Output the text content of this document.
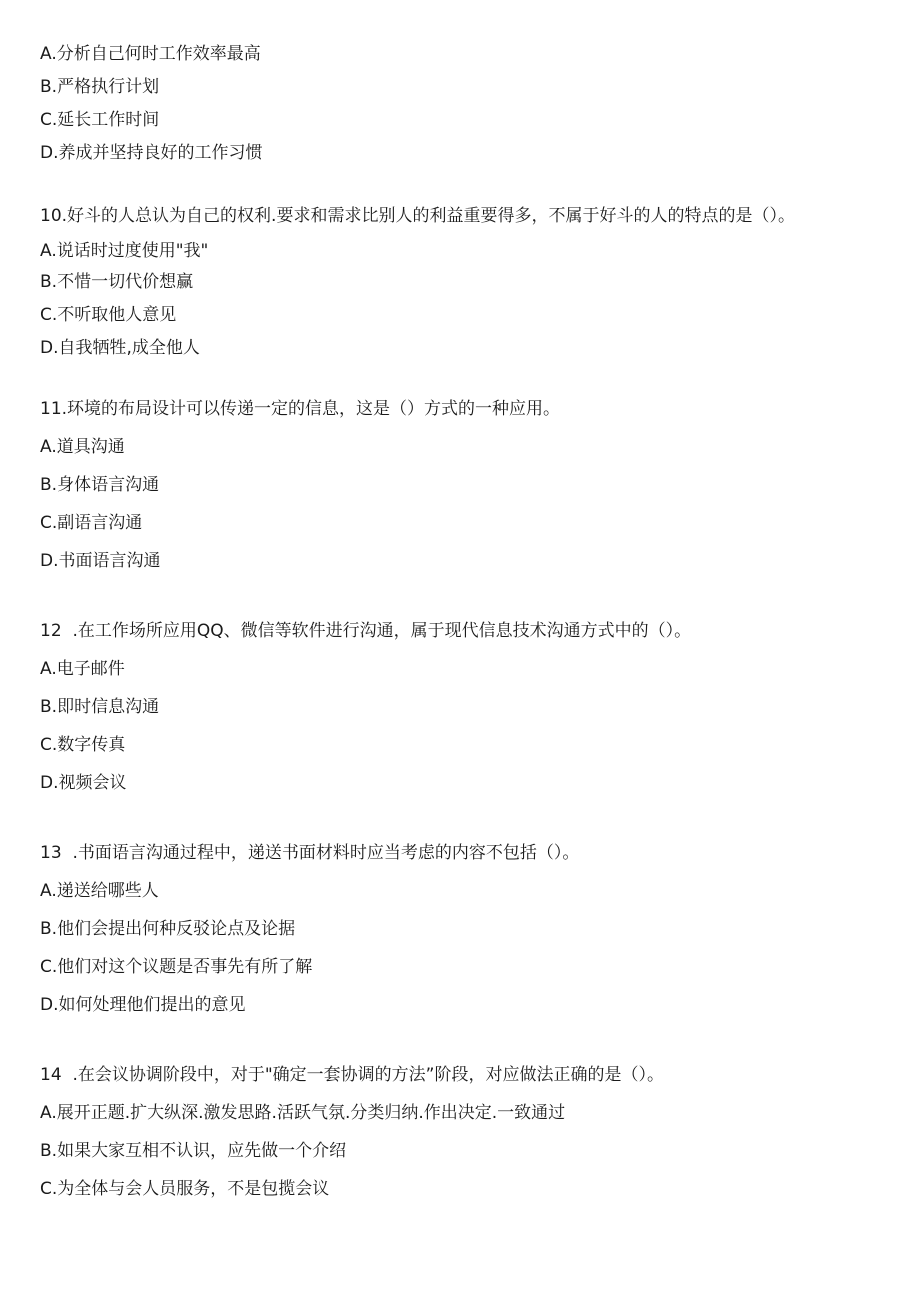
A.分析自己何时工作效率最高
B.严格执行计划
C.延长工作时间
D.养成并坚持良好的工作习惯
10.好斗的人总认为自己的权利.要求和需求比别人的利益重要得多，不属于好斗的人的特点的是（）。
A.说话时过度使用"我"
B.不惜一切代价想赢
C.不听取他人意见
D.自我牺牲,成全他人
11.环境的布局设计可以传递一定的信息，这是（）方式的一种应用。
A.道具沟通
B.身体语言沟通
C.副语言沟通
D.书面语言沟通
12  .在工作场所应用QQ、微信等软件进行沟通，属于现代信息技术沟通方式中的（）。
A.电子邮件
B.即时信息沟通
C.数字传真
D.视频会议
13  .书面语言沟通过程中，递送书面材料时应当考虑的内容不包括（）。
A.递送给哪些人
B.他们会提出何种反驳论点及论据
C.他们对这个议题是否事先有所了解
D.如何处理他们提出的意见
14  .在会议协调阶段中，对于"确定一套协调的方法”阶段，对应做法正确的是（）。
A.展开正题.扩大纵深.激发思路.活跃气氛.分类归纳.作出决定.一致通过
B.如果大家互相不认识，应先做一个介绍
C.为全体与会人员服务，不是包揽会议
